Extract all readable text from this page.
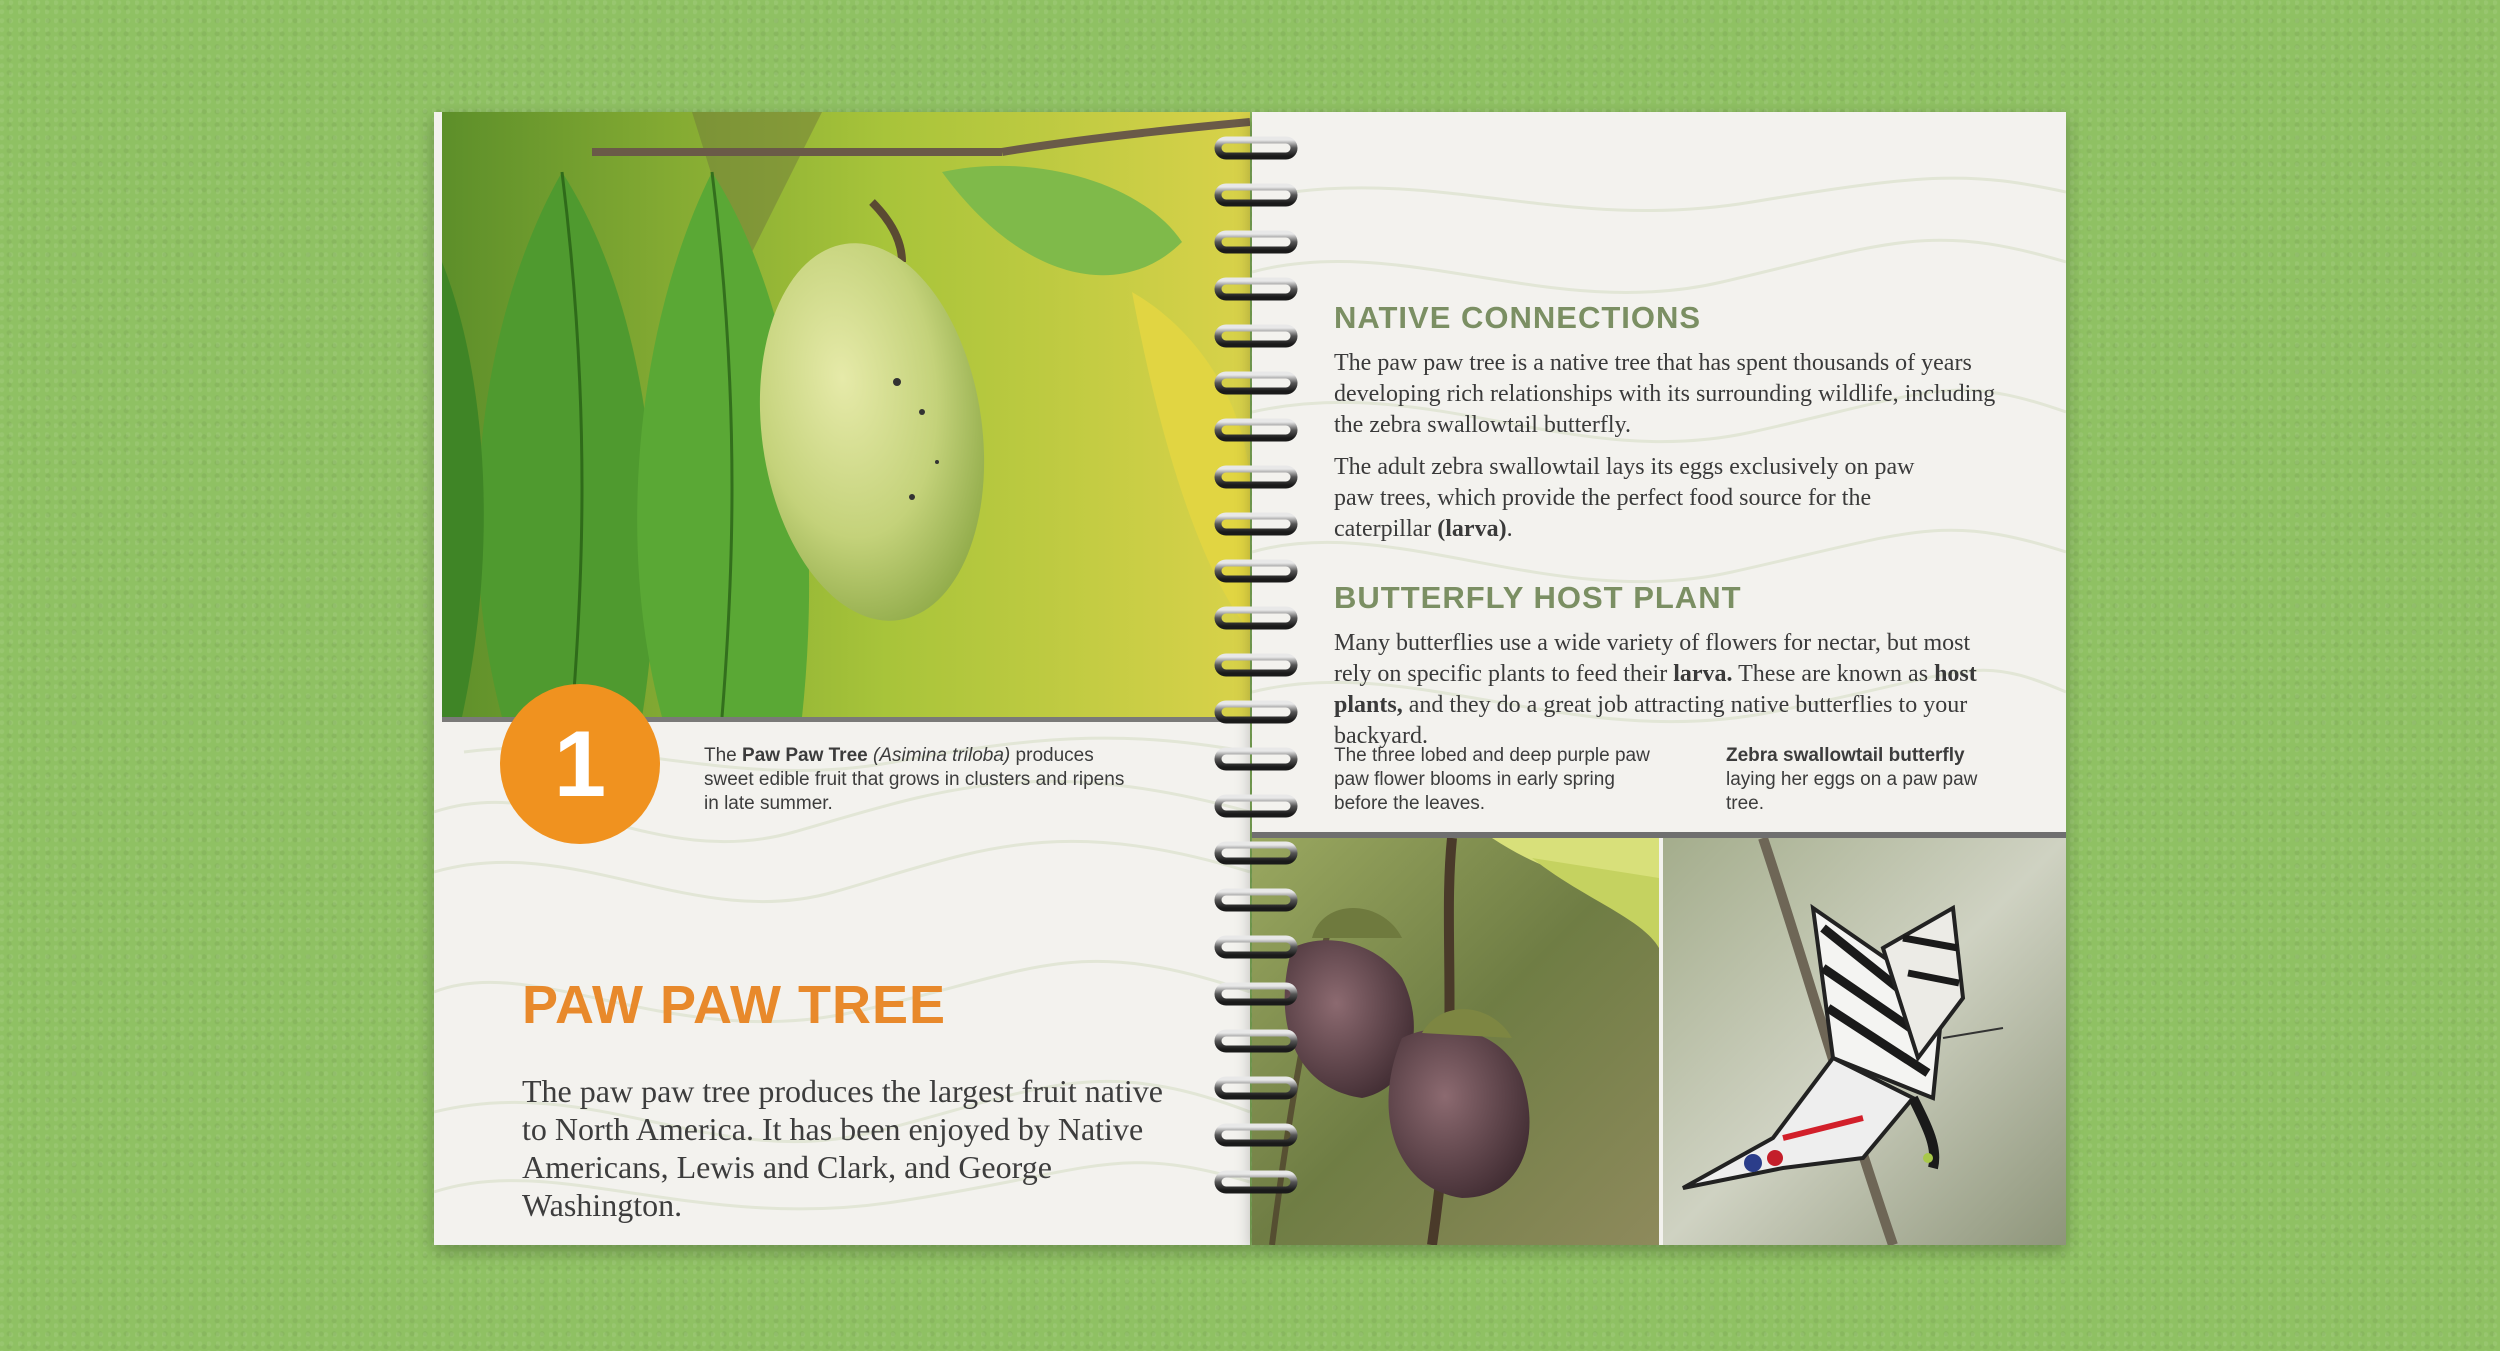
1	The Paw Paw Tree (Asimina triloba) produces sweet edible fruit that grows in clusters and ripens in late summer.
PAW PAW TREE

The paw paw tree produces the largest fruit native to North America. It has been enjoyed by Native Americans, Lewis and Clark, and George Washington.

NATIVE CONNECTIONS

The paw paw tree is a native tree that has spent thousands of years developing rich relationships with its surrounding wildlife, including the zebra swallowtail butterfly.

The adult zebra swallowtail lays its eggs exclusively on paw paw trees, which provide the perfect food source for the caterpillar (larva).

BUTTERFLY HOST PLANT

Many butterflies use a wide variety of flowers for nectar, but most rely on specific plants to feed their larva. These are known as host plants, and they do a great job attracting native butterflies to your backyard.

The three lobed and deep purple paw paw flower blooms in early spring before the leaves.
Zebra swallowtail butterfly
laying her eggs on a paw paw tree.
